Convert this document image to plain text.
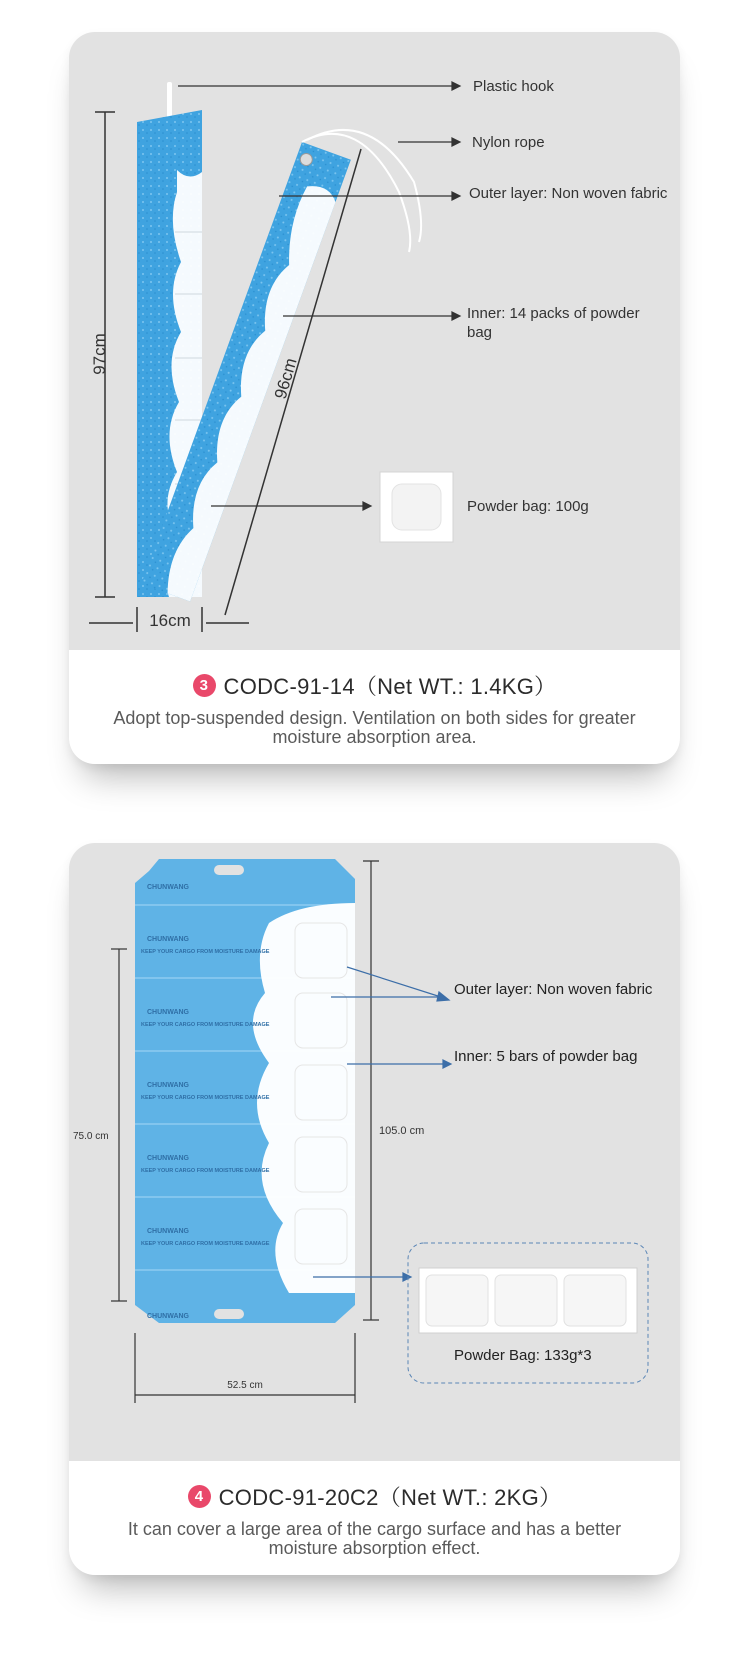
97cm
96cm
16cm
Plastic hook
Nylon rope
Outer layer: Non woven fabric
Inner: 14 packs of powder bag
Powder bag: 100g
3 CODC-91-14（Net WT.: 1.4KG）
Adopt top-suspended design. Ventilation on both sides for greater moisture absorption area.
CHUNWANG
CHUNWANG
CHUNWANG
CHUNWANG
CHUNWANG
CHUNWANG
CHUNWANG
KEEP YOUR CARGO FROM MOISTURE DAMAGE
KEEP YOUR CARGO FROM MOISTURE DAMAGE
KEEP YOUR CARGO FROM MOISTURE DAMAGE
KEEP YOUR CARGO FROM MOISTURE DAMAGE
KEEP YOUR CARGO FROM MOISTURE DAMAGE
75.0 cm	105.0 cm
52.5 cm
Outer layer: Non woven fabric
Inner: 5 bars of powder bag
Powder Bag: 133g*3
4 CODC-91-20C2（Net WT.: 2KG）
It can cover a large area of the cargo surface and has a better moisture absorption effect.
